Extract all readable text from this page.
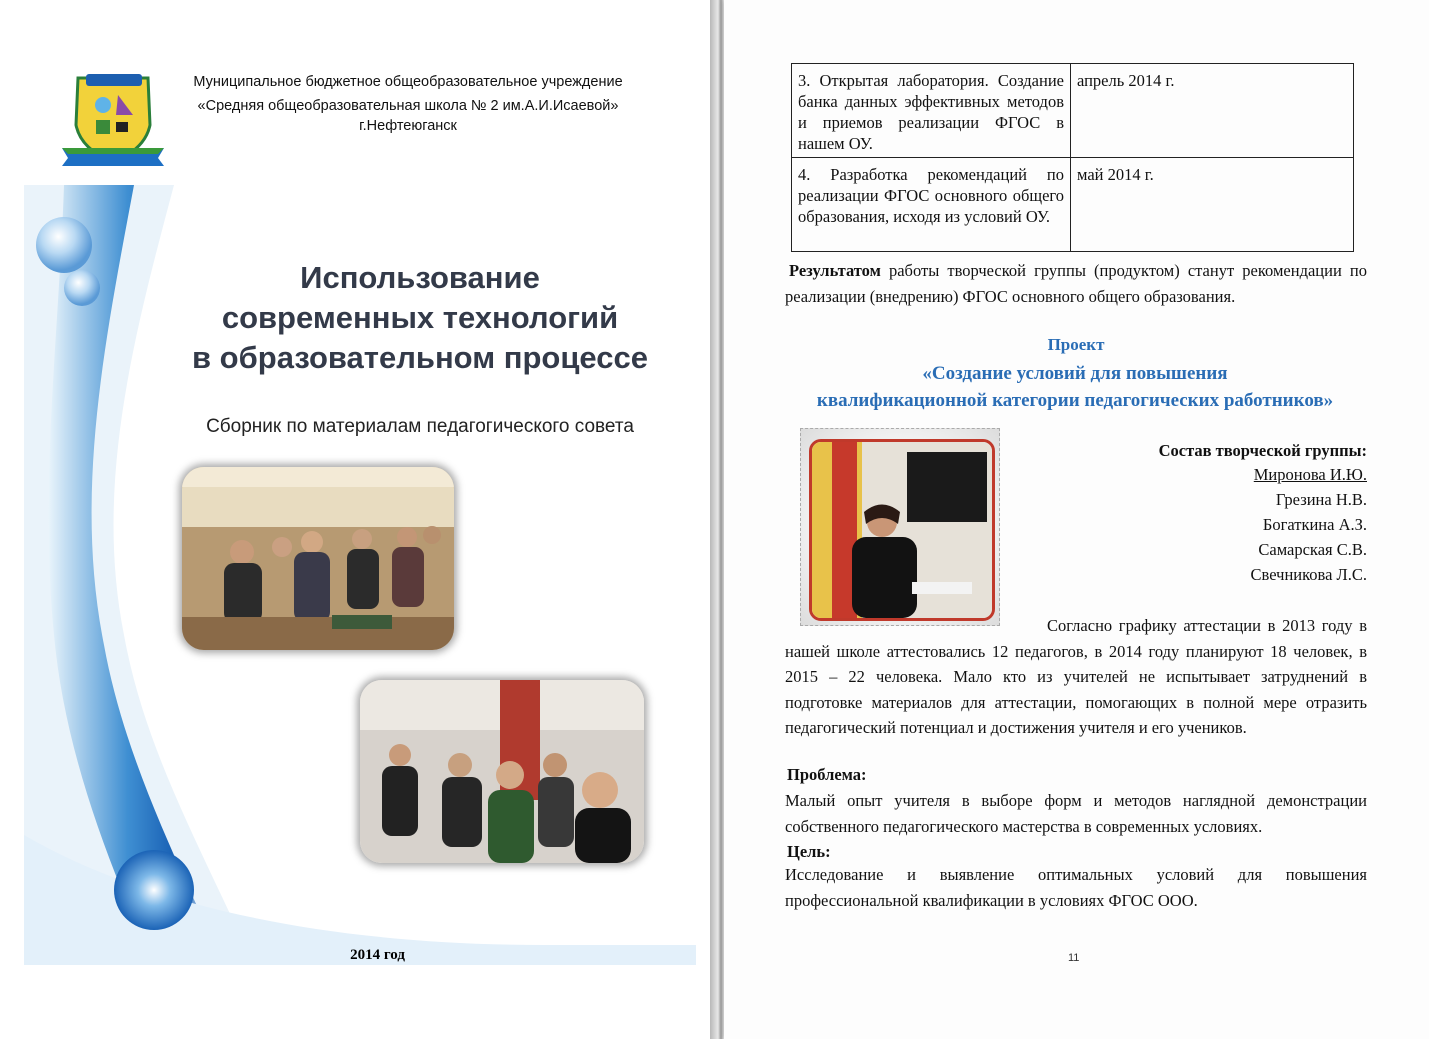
Муниципальное бюджетное общеобразовательное учреждение
«Средняя общеобразовательная школа № 2 им.А.И.Исаевой»
г.Нефтеюганск
Использование
современных технологий
в образовательном процессе
Сборник по материалам педагогического совета
2014 год
3. Открытая лаборатория. Создание банка данных эффективных методов и приемов реализации ФГОС в нашем ОУ.	апрель 2014 г.
4. Разработка рекомендаций по реализации ФГОС основного общего образования, исходя из условий ОУ.	май 2014 г.
Результатом работы творческой группы (продуктом) станут рекомендации по реализации (внедрению) ФГОС основного общего образования.
Проект
«Создание условий для повышения
квалификационной категории педагогических работников»
Состав творческой группы:
Миронова И.Ю.
Грезина Н.В.
Богаткина А.З.
Самарская С.В.
Свечникова Л.С.
Согласно графику аттестации в 2013 году в нашей школе аттестовались 12 педагогов, в 2014 году планируют 18 человек, в 2015 – 22 человека. Мало кто из учителей не испытывает затруднений в подготовке материалов для аттестации, помогающих в полной мере отразить педагогический потенциал и достижения учителя и его учеников.
Проблема:
Малый опыт учителя в выборе форм и методов наглядной демонстрации собственного педагогического мастерства в современных условиях.
Цель:
Исследование и выявление оптимальных условий для повышения профессиональной квалификации в условиях ФГОС ООО.
11
